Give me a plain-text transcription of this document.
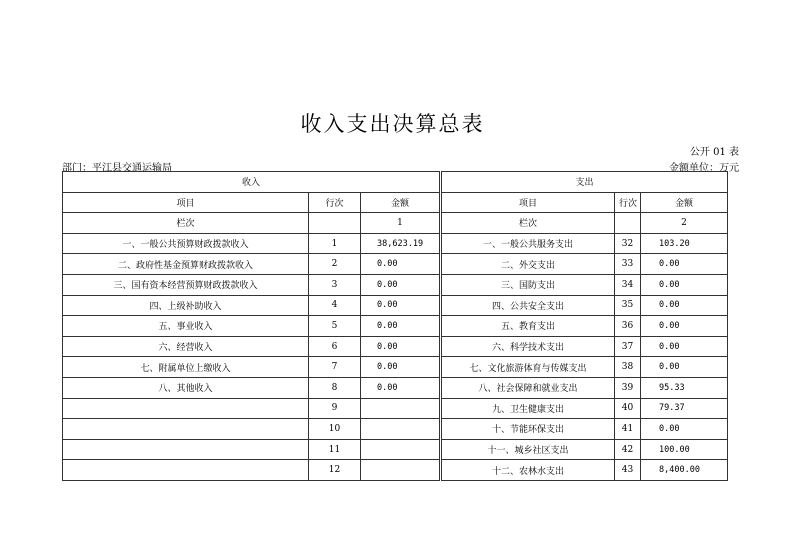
收入支出决算总表
公开 01 表
部门：平江县交通运输局	金额单位：万元
收入				支出		
项目	行次	金额		项目	行次	金额
栏次		1		栏次		2
一、一般公共预算财政拨款收入	1	38,623.19		一、一般公共服务支出	32	103.20
二、政府性基金预算财政拨款收入	2	0.00		二、外交支出	33	0.00
三、国有资本经营预算财政拨款收入	3	0.00		三、国防支出	34	0.00
四、上级补助收入	4	0.00		四、公共安全支出	35	0.00
五、事业收入	5	0.00		五、教育支出	36	0.00
六、经营收入	6	0.00		六、科学技术支出	37	0.00
七、附属单位上缴收入	7	0.00		七、文化旅游体育与传媒支出	38	0.00
八、其他收入	8	0.00		八、社会保障和就业支出	39	95.33
	9			九、卫生健康支出	40	79.37
	10			十、节能环保支出	41	0.00
	11			十一、城乡社区支出	42	100.00
	12			十二、农林水支出	43	8,400.00
